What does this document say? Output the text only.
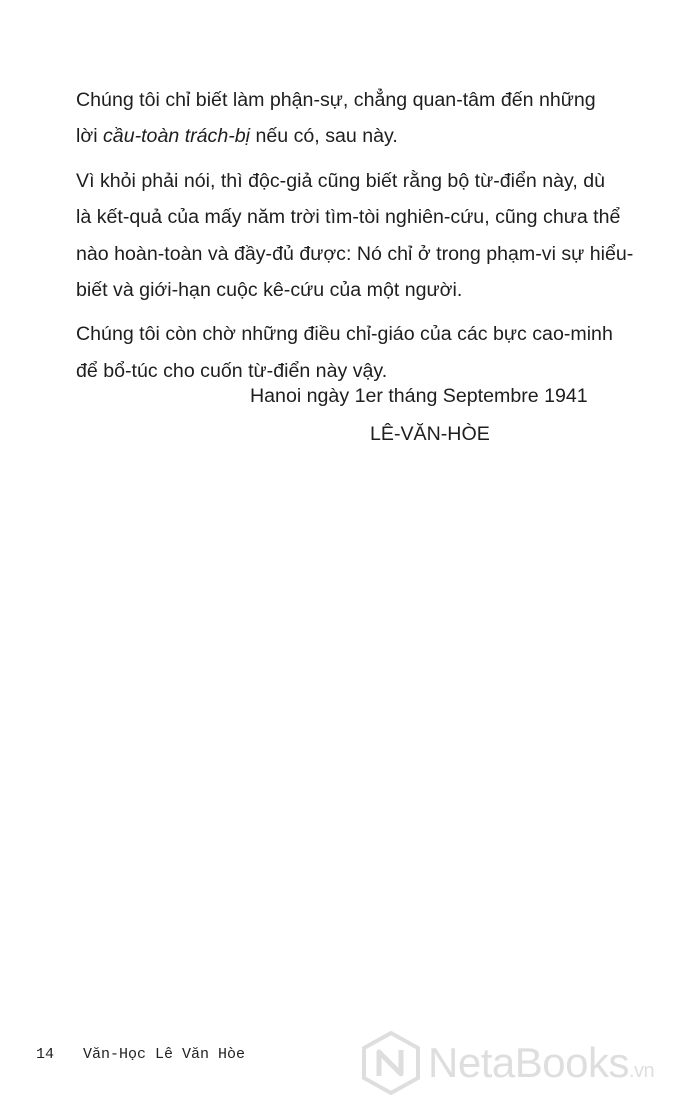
Chúng tôi chỉ biết làm phận-sự, chẳng quan-tâm đến những
lời cầu-toàn trách-bị nếu có, sau này.

Vì khỏi phải nói, thì độc-giả cũng biết rằng bộ từ-điển này, dù
là kết-quả của mấy năm trời tìm-tòi nghiên-cứu, cũng chưa thể
nào hoàn-toàn và đầy-đủ được: Nó chỉ ở trong phạm-vi sự hiểu-
biết và giới-hạn cuộc kê-cứu của một người.

Chúng tôi còn chờ những điều chỉ-giáo của các bực cao-minh
để bổ-túc cho cuốn từ-điển này vậy.

Hanoi ngày 1er tháng Septembre 1941
LÊ-VĂN-HÒE
14 Văn-Học Lê Văn Hòe	NetaBooks.vn
